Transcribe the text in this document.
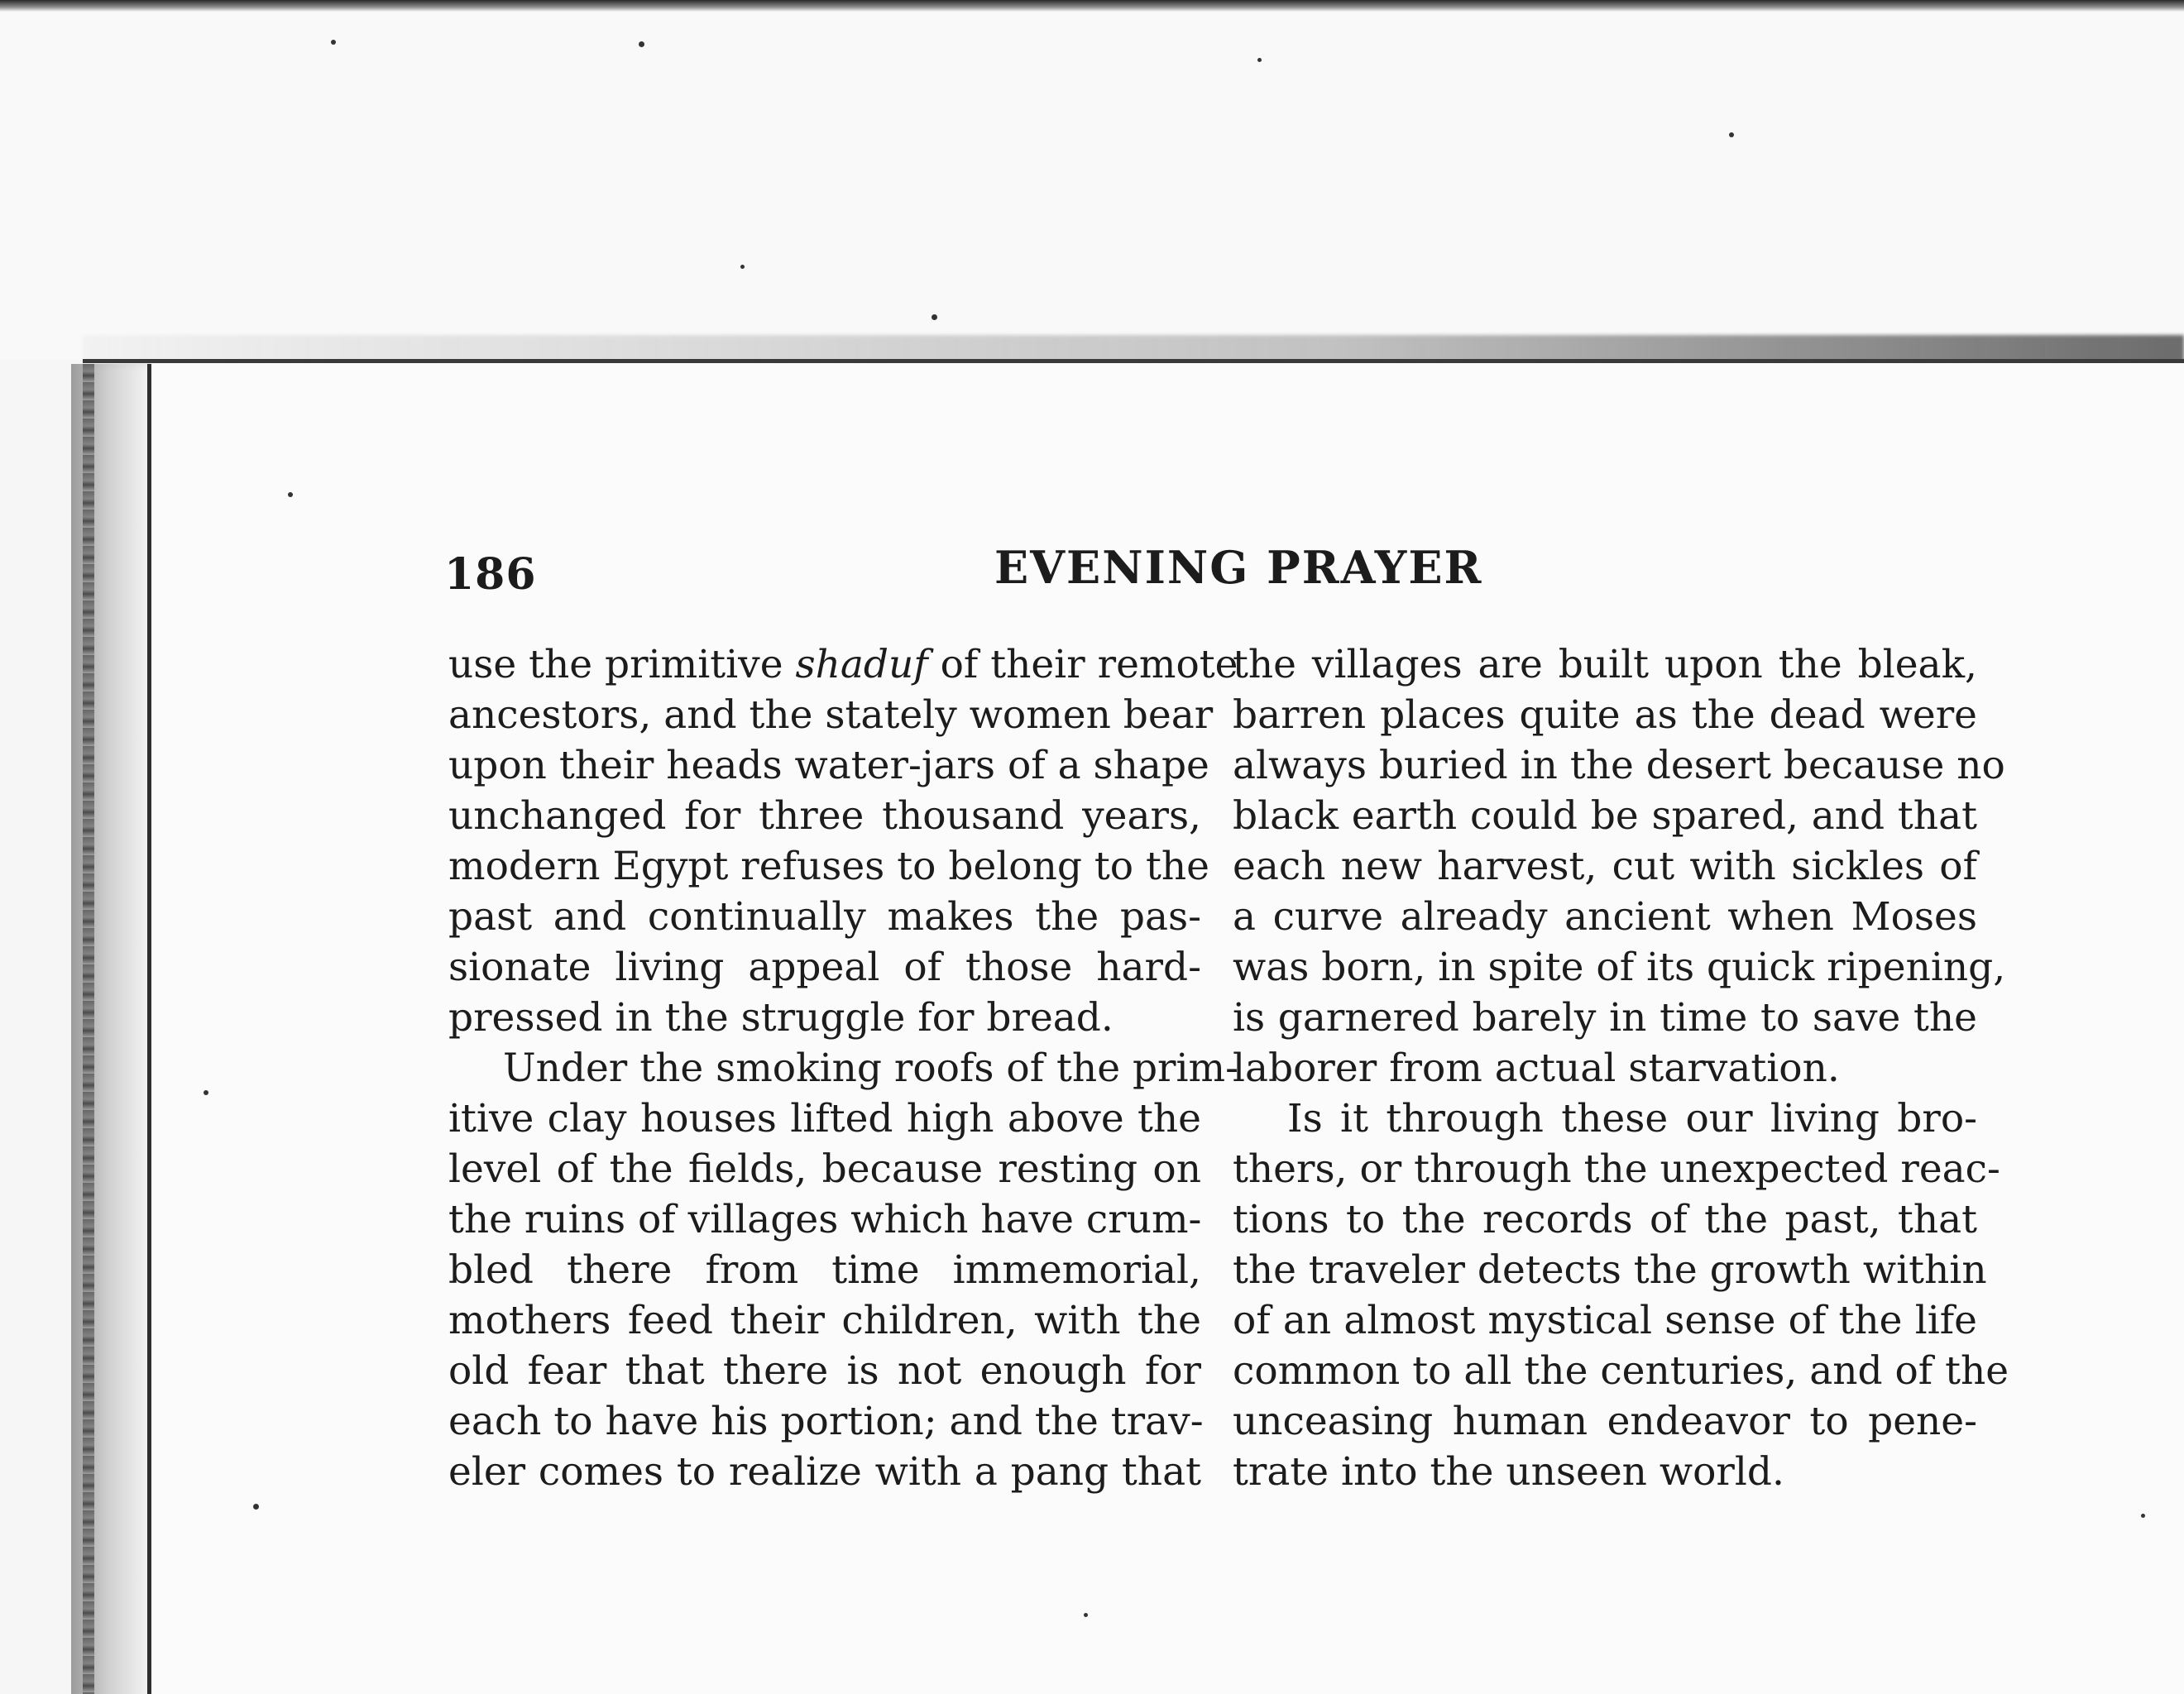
186	EVENING PRAYER
use the primitive shaduf of their remote
ancestors, and the stately women bear
upon their heads water-jars of a shape
unchanged for three thousand years,
modern Egypt refuses to belong to the
past and continually makes the pas-
sionate living appeal of those hard-
pressed in the struggle for bread.
Under the smoking roofs of the prim-
itive clay houses lifted high above the
level of the fields, because resting on
the ruins of villages which have crum-
bled there from time immemorial,
mothers feed their children, with the
old fear that there is not enough for
each to have his portion; and the trav-
eler comes to realize with a pang that
the villages are built upon the bleak,
barren places quite as the dead were
always buried in the desert because no
black earth could be spared, and that
each new harvest, cut with sickles of
a curve already ancient when Moses
was born, in spite of its quick ripening,
is garnered barely in time to save the
laborer from actual starvation.
Is it through these our living bro-
thers, or through the unexpected reac-
tions to the records of the past, that
the traveler detects the growth within
of an almost mystical sense of the life
common to all the centuries, and of the
unceasing human endeavor to pene-
trate into the unseen world.
